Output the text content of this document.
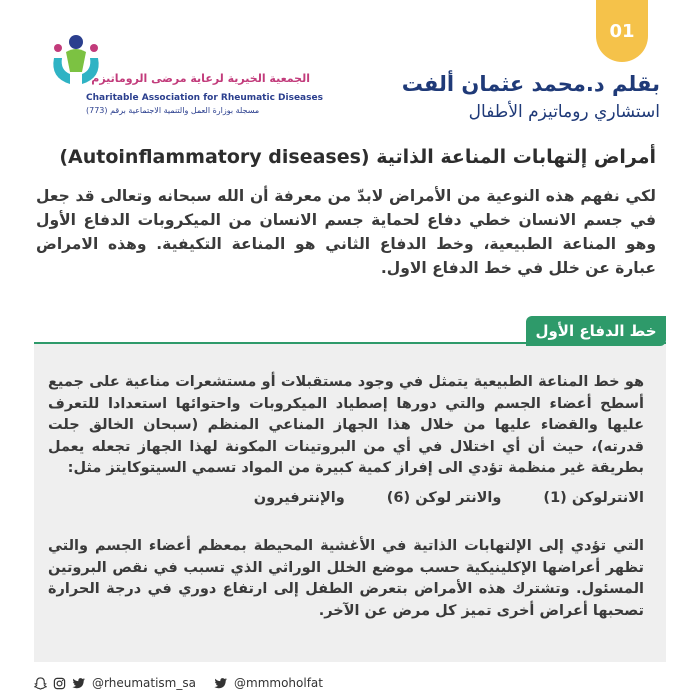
01
الجمعية الخيرية لرعاية مرضى الروماتيزم
Charitable Association for Rheumatic Diseases
مسجلة بوزارة العمل والتنمية الاجتماعية برقم (773)
بقلم د.محمد عثمان ألفت
استشاري روماتيزم الأطفال
أمراض إلتهابات المناعة الذاتية (Autoinflammatory diseases)

لكي نفهم هذه النوعية من الأمراض لابدّ من معرفة أن الله سبحانه وتعالى قد جعل في جسم الانسان خطي دفاع لحماية جسم الانسان من الميكروبات الدفاع الأول وهو المناعة الطبيعية، وخط الدفاع الثاني هو المناعة التكيفية. وهذه الامراض عبارة عن خلل في خط الدفاع الاول.

خط الدفاع الأول

هو خط المناعة الطبيعية يتمثل في وجود مستقبلات أو مستشعرات مناعية على جميع أسطح أعضاء الجسم والتي دورها إصطياد الميكروبات واحتوائها استعدادا للتعرف عليها والقضاء عليها من خلال هذا الجهاز المناعي المنظم (سبحان الخالق جلت قدرته)، حيث أن أي اختلال في أي من البروتينات المكونة لهذا الجهاز تجعله يعمل بطريقة غير منظمة تؤدي الى إفراز كمية كبيرة من المواد تسمي السيتوكايتز مثل:

الانترلوكن (1)
والانتر لوكن (6)
والإنترفيرون

التي تؤدي إلى الإلتهابات الذاتية في الأغشية المحيطة بمعظم أعضاء الجسم والتي تظهر أعراضها الإكلينيكية حسب موضع الخلل الوراثي الذي تسبب في نقص البروتين المسئول. وتشترك هذه الأمراض بتعرض الطفل إلى ارتفاع دوري في درجة الحرارة تصحبها أعراض أخرى تميز كل مرض عن الآخر.

@rheumatism_sa	@mmmoholfat
